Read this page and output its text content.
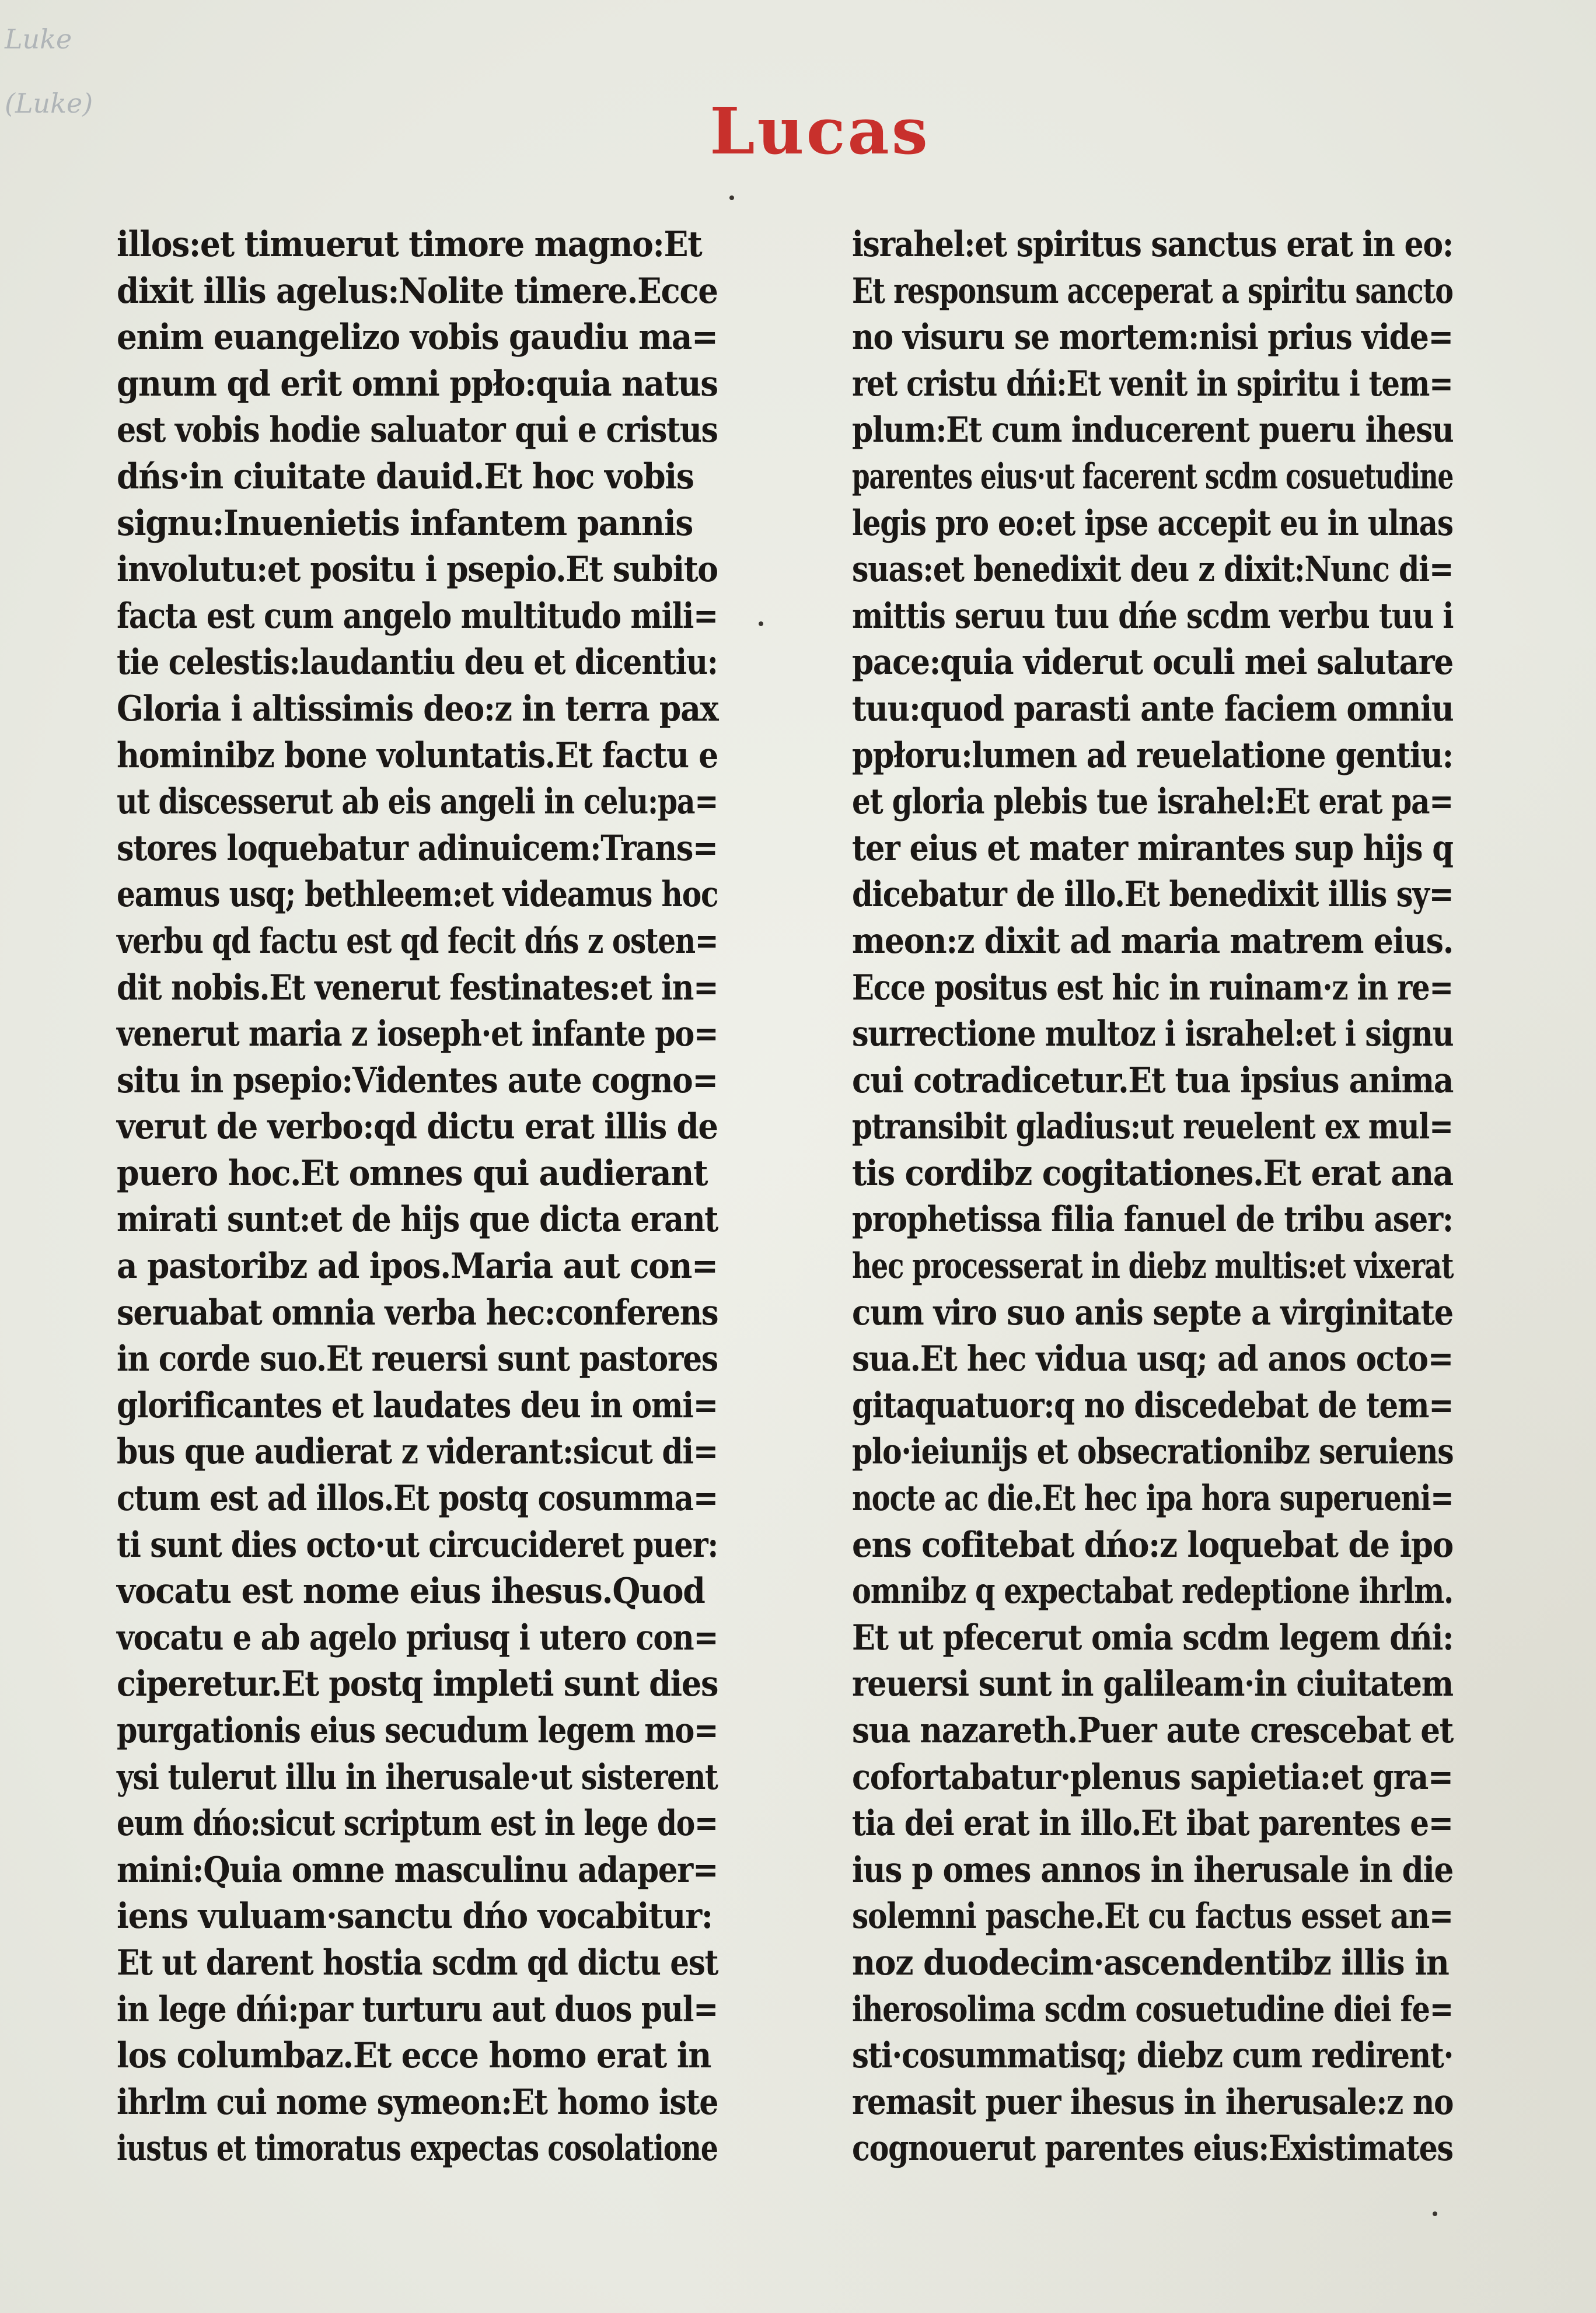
Luke
(Luke)	Lucas
illos:et timuerut timore magno:Et
dixit illis agelus:Nolite timere.Ecce
enim euangelizo vobis gaudiu ma=
gnum qd erit omni ppło:quia natus
est vobis hodie saluator qui e cristus
dńs·in ciuitate dauid.Et hoc vobis
signu:Inuenietis infantem pannis
involutu:et positu i psepio.Et subito
facta est cum angelo multitudo mili=
tie celestis:laudantiu deu et dicentiu:
Gloria i altissimis deo:z in terra pax
hominibz bone voluntatis.Et factu e
ut discesserut ab eis angeli in celu:pa=
stores loquebatur adinuicem:Trans=
eamus usq; bethleem:et videamus hoc
verbu qd factu est qd fecit dńs z osten=
dit nobis.Et venerut festinates:et in=
venerut maria z ioseph·et infante po=
situ in psepio:Videntes aute cogno=
verut de verbo:qd dictu erat illis de
puero hoc.Et omnes qui audierant
mirati sunt:et de hijs que dicta erant
a pastoribz ad ipos.Maria aut con=
seruabat omnia verba hec:conferens
in corde suo.Et reuersi sunt pastores
glorificantes et laudates deu in omi=
bus que audierat z viderant:sicut di=
ctum est ad illos.Et postq cosumma=
ti sunt dies octo·ut circucideret puer:
vocatu est nome eius ihesus.Quod
vocatu e ab agelo priusq i utero con=
ciperetur.Et postq impleti sunt dies
purgationis eius secudum legem mo=
ysi tulerut illu in iherusale·ut sisterent
eum dńo:sicut scriptum est in lege do=
mini:Quia omne masculinu adaper=
iens vuluam·sanctu dńo vocabitur:
Et ut darent hostia scdm qd dictu est
in lege dńi:par turturu aut duos pul=
los columbaz.Et ecce homo erat in
ihrlm cui nome symeon:Et homo iste
iustus et timoratus expectas cosolatione
israhel:et spiritus sanctus erat in eo:
Et responsum acceperat a spiritu sancto
no visuru se mortem:nisi prius vide=
ret cristu dńi:Et venit in spiritu i tem=
plum:Et cum inducerent pueru ihesu
parentes eius·ut facerent scdm cosuetudine
legis pro eo:et ipse accepit eu in ulnas
suas:et benedixit deu z dixit:Nunc di=
mittis seruu tuu dńe scdm verbu tuu i
pace:quia viderut oculi mei salutare
tuu:quod parasti ante faciem omniu
ppłoru:lumen ad reuelatione gentiu:
et gloria plebis tue israhel:Et erat pa=
ter eius et mater mirantes sup hijs q
dicebatur de illo.Et benedixit illis sy=
meon:z dixit ad maria matrem eius.
Ecce positus est hic in ruinam·z in re=
surrectione multoz i israhel:et i signu
cui cotradicetur.Et tua ipsius anima
ptransibit gladius:ut reuelent ex mul=
tis cordibz cogitationes.Et erat ana
prophetissa filia fanuel de tribu aser:
hec processerat in diebz multis:et vixerat
cum viro suo anis septe a virginitate
sua.Et hec vidua usq; ad anos octo=
gitaquatuor:q no discedebat de tem=
plo·ieiunijs et obsecrationibz seruiens
nocte ac die.Et hec ipa hora superueni=
ens cofitebat dńo:z loquebat de ipo
omnibz q expectabat redeptione ihrlm.
Et ut pfecerut omia scdm legem dńi:
reuersi sunt in galileam·in ciuitatem
sua nazareth.Puer aute crescebat et
cofortabatur·plenus sapietia:et gra=
tia dei erat in illo.Et ibat parentes e=
ius p omes annos in iherusale in die
solemni pasche.Et cu factus esset an=
noz duodecim·ascendentibz illis in
iherosolima scdm cosuetudine diei fe=
sti·cosummatisq; diebz cum redirent·
remasit puer ihesus in iherusale:z no
cognouerut parentes eius:Existimates
